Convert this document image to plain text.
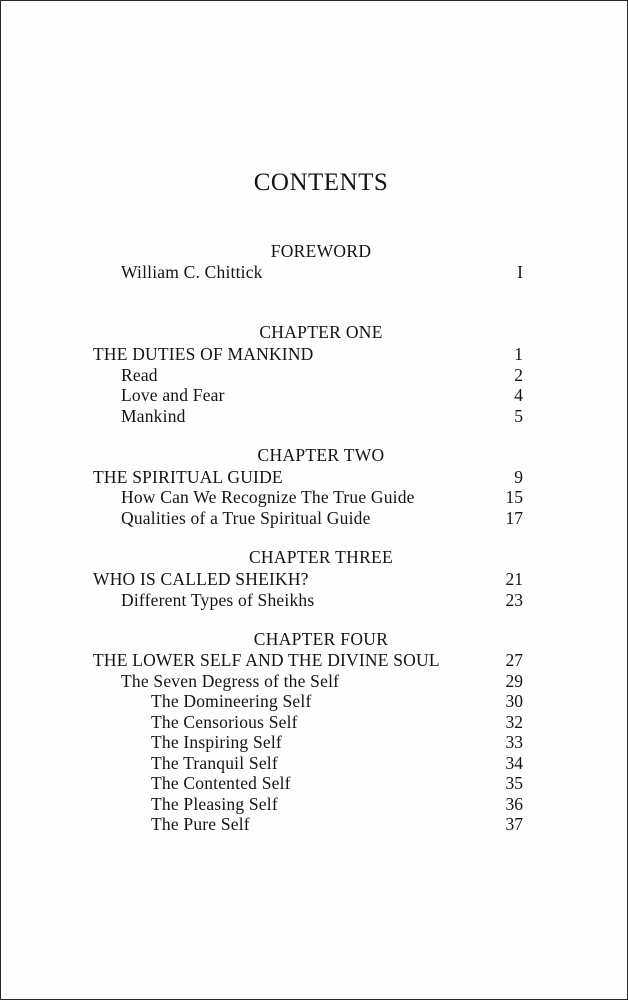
CONTENTS
FOREWORD
William C. Chittick	I
CHAPTER ONE
THE DUTIES OF MANKIND	1
Read	2
Love and Fear	4
Mankind	5
CHAPTER TWO
THE SPIRITUAL GUIDE	9
How Can We Recognize The True Guide	15
Qualities of a True Spiritual Guide	17
CHAPTER THREE
WHO IS CALLED SHEIKH?	21
Different Types of Sheikhs	23
CHAPTER FOUR
THE LOWER SELF AND THE DIVINE SOUL	27
The Seven Degress of the Self	29
The Domineering Self	30
The Censorious Self	32
The Inspiring Self	33
The Tranquil Self	34
The Contented Self	35
The Pleasing Self	36
The Pure Self	37
